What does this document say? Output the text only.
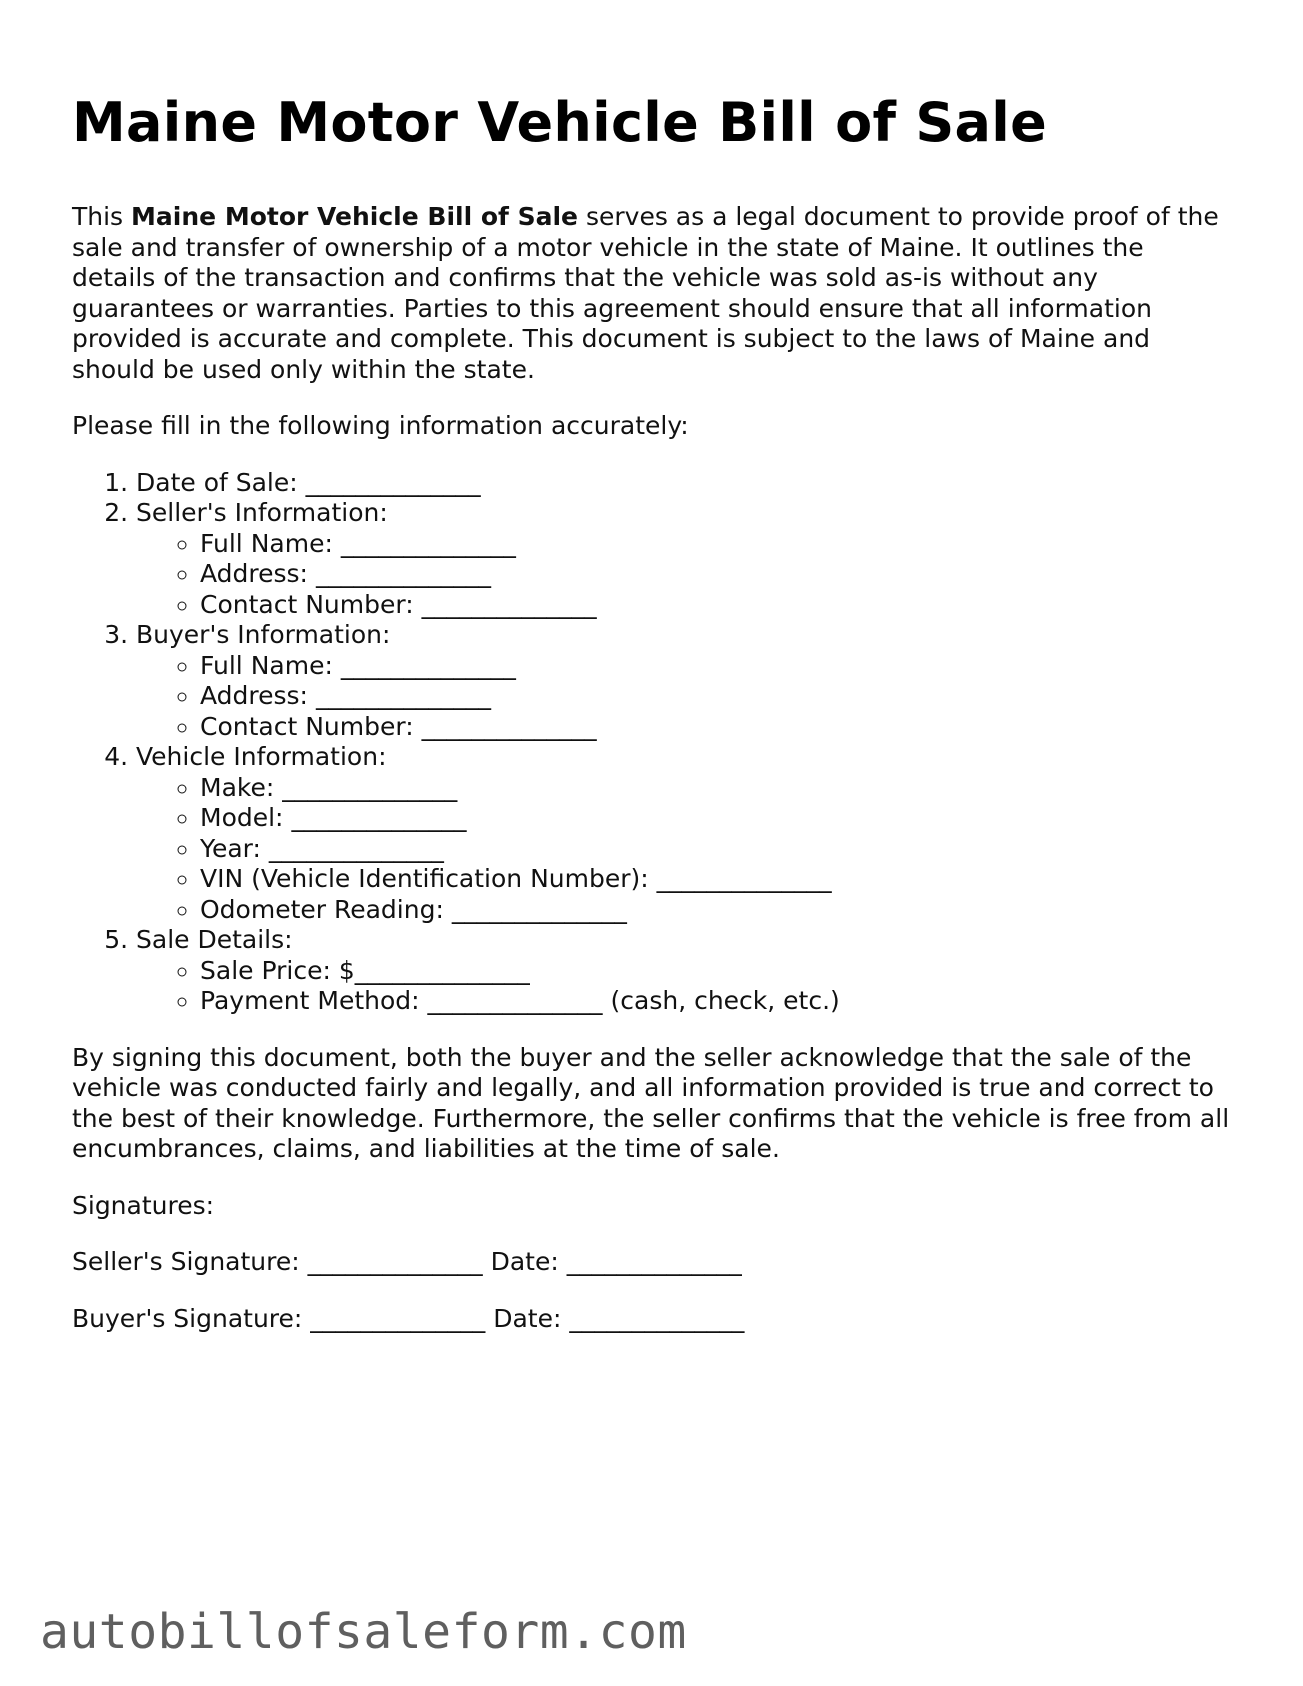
Maine Motor Vehicle Bill of Sale

This Maine Motor Vehicle Bill of Sale serves as a legal document to provide proof of the sale and transfer of ownership of a motor vehicle in the state of Maine. It outlines the details of the transaction and confirms that the vehicle was sold as-is without any guarantees or warranties. Parties to this agreement should ensure that all information provided is accurate and complete. This document is subject to the laws of Maine and should be used only within the state.

Please fill in the following information accurately:

1. Date of Sale: ______________
2. Seller's Information:
◦ Full Name: ______________
◦ Address: ______________
◦ Contact Number: ______________
3. Buyer's Information:
◦ Full Name: ______________
◦ Address: ______________
◦ Contact Number: ______________
4. Vehicle Information:
◦ Make: ______________
◦ Model: ______________
◦ Year: ______________
◦ VIN (Vehicle Identification Number): ______________
◦ Odometer Reading: ______________
5. Sale Details:
◦ Sale Price: $______________
◦ Payment Method: ______________ (cash, check, etc.)

By signing this document, both the buyer and the seller acknowledge that the sale of the vehicle was conducted fairly and legally, and all information provided is true and correct to the best of their knowledge. Furthermore, the seller confirms that the vehicle is free from all encumbrances, claims, and liabilities at the time of sale.

Signatures:

Seller's Signature: ______________ Date: ______________

Buyer's Signature: ______________ Date: ______________

autobillofsaleform.com
